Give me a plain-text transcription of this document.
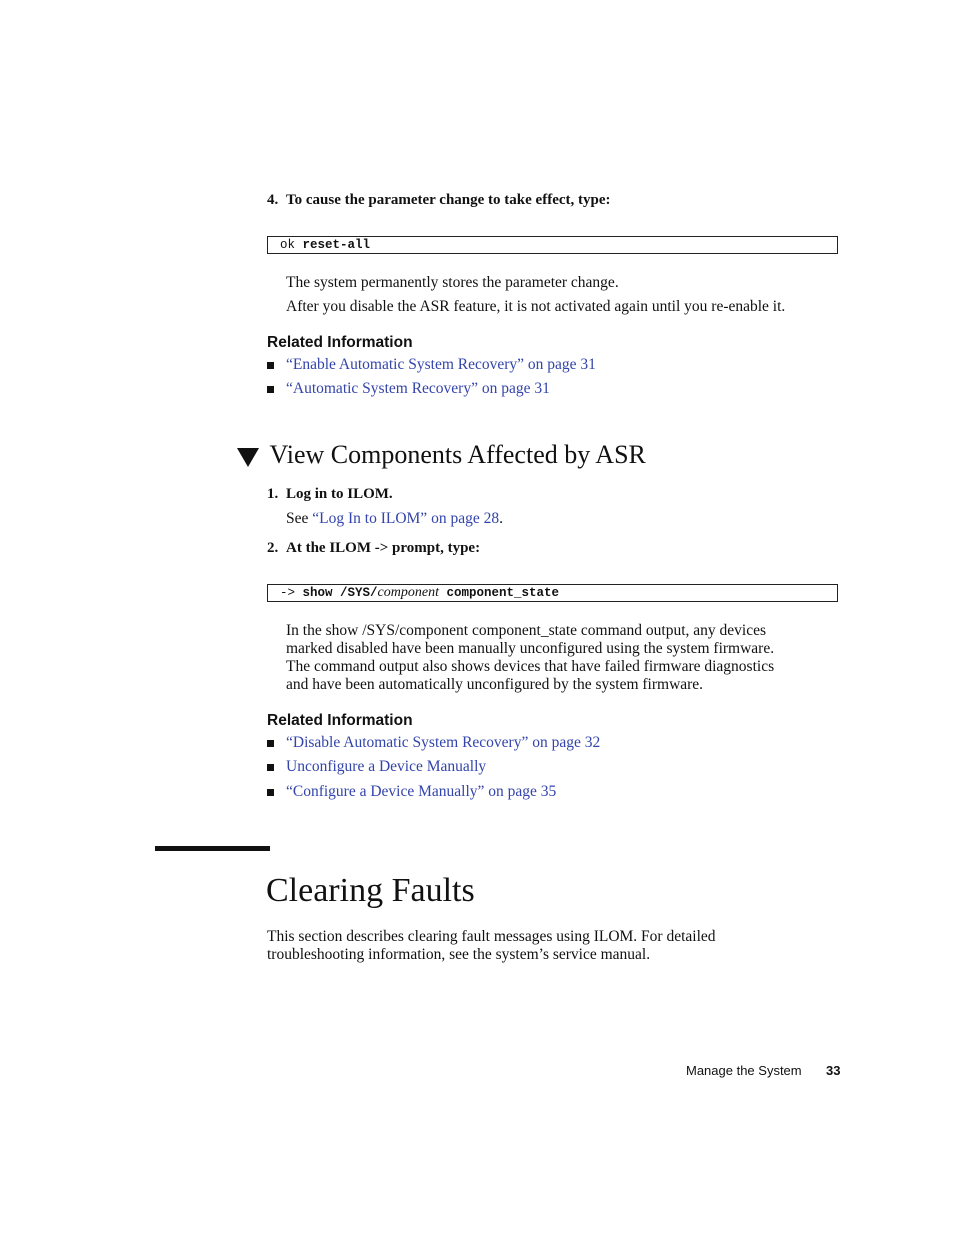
4. To cause the parameter change to take effect, type:
ok reset-all
The system permanently stores the parameter change.
After you disable the ASR feature, it is not activated again until you re-enable it.
Related Information
“Enable Automatic System Recovery” on page 31
“Automatic System Recovery” on page 31
View Components Affected by ASR
1. Log in to ILOM.
See “Log In to ILOM” on page 28.
2. At the ILOM -> prompt, type:
-> show /SYS/component component_state
In the show /SYS/component component_state command output, any devices
marked disabled have been manually unconfigured using the system firmware.
The command output also shows devices that have failed firmware diagnostics
and have been automatically unconfigured by the system firmware.
Related Information
“Disable Automatic System Recovery” on page 32
Unconfigure a Device Manually
“Configure a Device Manually” on page 35
Clearing Faults
This section describes clearing fault messages using ILOM. For detailed
troubleshooting information, see the system’s service manual.
Manage the System 33
